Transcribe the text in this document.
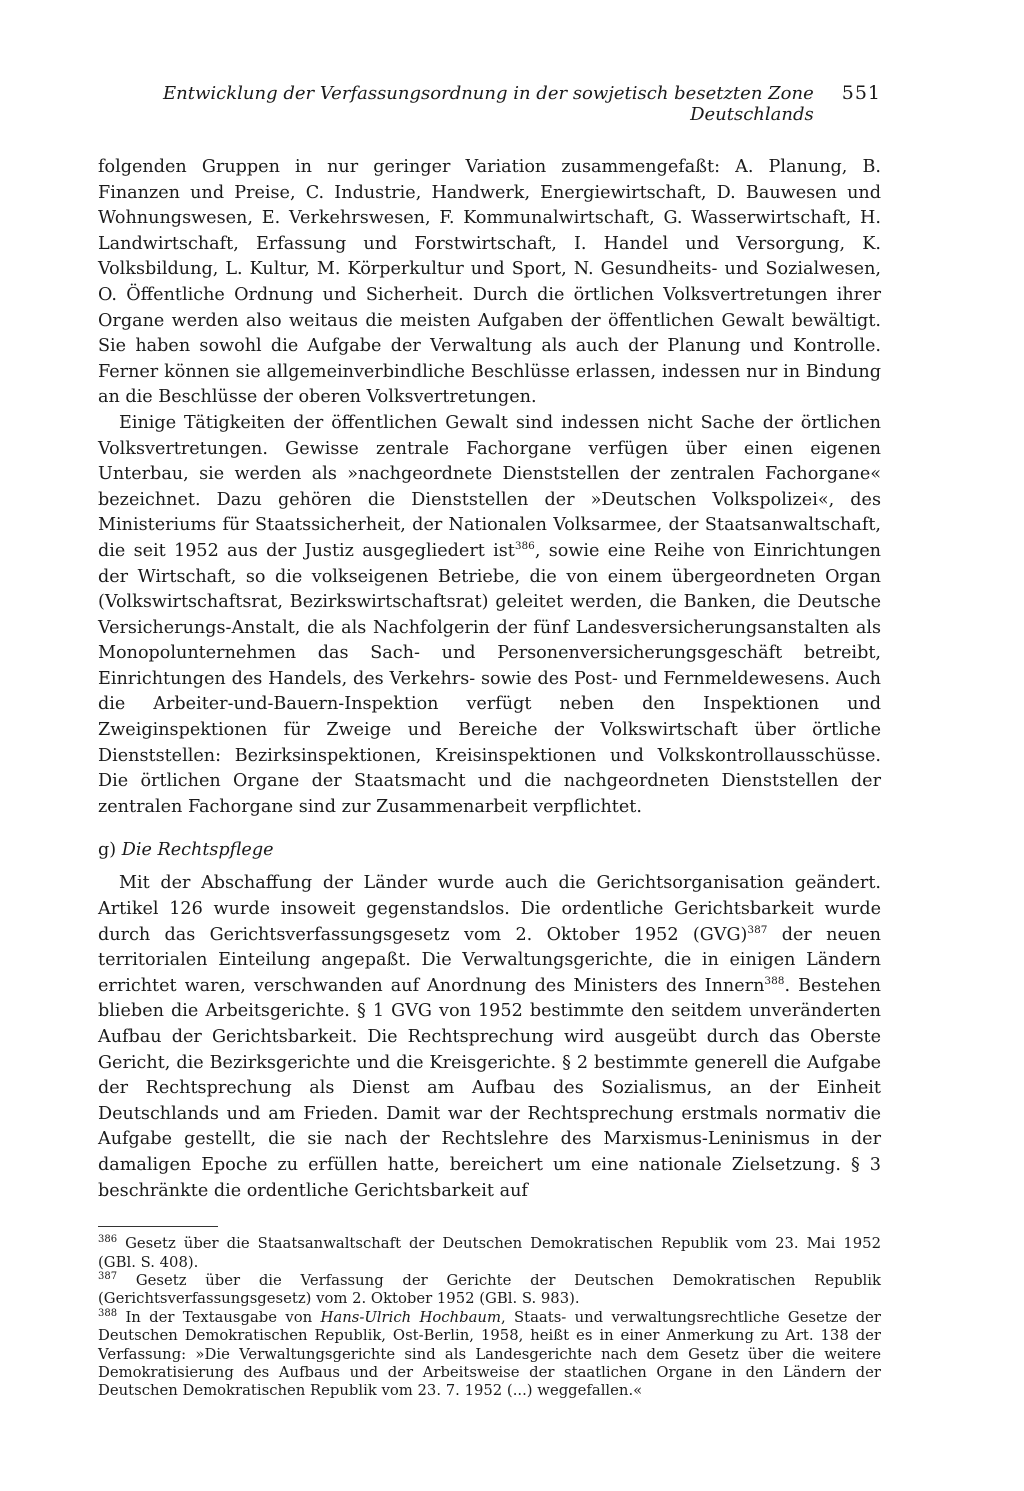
Entwicklung der Verfassungsordnung in der sowjetisch besetzten Zone Deutschlands
551

folgenden Gruppen in nur geringer Variation zusammengefaßt: A. Planung, B. Finanzen und Preise, C. Industrie, Handwerk, Energiewirtschaft, D. Bauwesen und Wohnungswesen, E. Verkehrswesen, F. Kommunalwirtschaft, G. Wasserwirtschaft, H. Landwirtschaft, Erfassung und Forstwirtschaft, I. Handel und Versorgung, K. Volksbildung, L. Kultur, M. Körperkultur und Sport, N. Gesundheits- und Sozialwesen, O. Öffentliche Ordnung und Sicherheit. Durch die örtlichen Volksvertretungen ihrer Organe werden also weitaus die meisten Aufgaben der öffentlichen Gewalt bewältigt. Sie haben sowohl die Aufgabe der Verwaltung als auch der Planung und Kontrolle. Ferner können sie allgemeinverbindliche Beschlüsse erlassen, indessen nur in Bindung an die Beschlüsse der oberen Volksvertretungen.

Einige Tätigkeiten der öffentlichen Gewalt sind indessen nicht Sache der örtlichen Volksvertretungen. Gewisse zentrale Fachorgane verfügen über einen eigenen Unterbau, sie werden als »nachgeordnete Dienststellen der zentralen Fachorgane« bezeichnet. Dazu gehören die Dienststellen der »Deutschen Volkspolizei«, des Ministeriums für Staatssicherheit, der Nationalen Volksarmee, der Staatsanwaltschaft, die seit 1952 aus der Justiz ausgegliedert ist$^{386}$, sowie eine Reihe von Einrichtungen der Wirtschaft, so die volkseigenen Betriebe, die von einem übergeordneten Organ (Volkswirtschaftsrat, Bezirkswirtschaftsrat) geleitet werden, die Banken, die Deutsche Versicherungs-Anstalt, die als Nachfolgerin der fünf Landesversicherungsanstalten als Monopolunternehmen das Sach- und Personenversicherungsgeschäft betreibt, Einrichtungen des Handels, des Verkehrs- sowie des Post- und Fernmeldewesens. Auch die Arbeiter-und-Bauern-Inspektion verfügt neben den Inspektionen und Zweiginspektionen für Zweige und Bereiche der Volkswirtschaft über örtliche Dienststellen: Bezirksinspektionen, Kreisinspektionen und Volkskontrollausschüsse. Die örtlichen Organe der Staatsmacht und die nachgeordneten Dienststellen der zentralen Fachorgane sind zur Zusammenarbeit verpflichtet.

g) Die Rechtspflege

Mit der Abschaffung der Länder wurde auch die Gerichtsorganisation geändert. Artikel 126 wurde insoweit gegenstandslos. Die ordentliche Gerichtsbarkeit wurde durch das Gerichtsverfassungsgesetz vom 2. Oktober 1952 (GVG)$^{387}$ der neuen territorialen Einteilung angepaßt. Die Verwaltungsgerichte, die in einigen Ländern errichtet waren, verschwanden auf Anordnung des Ministers des Innern$^{388}$. Bestehen blieben die Arbeitsgerichte. § 1 GVG von 1952 bestimmte den seitdem unveränderten Aufbau der Gerichtsbarkeit. Die Rechtsprechung wird ausgeübt durch das Oberste Gericht, die Bezirksgerichte und die Kreisgerichte. § 2 bestimmte generell die Aufgabe der Rechtsprechung als Dienst am Aufbau des Sozialismus, an der Einheit Deutschlands und am Frieden. Damit war der Rechtsprechung erstmals normativ die Aufgabe gestellt, die sie nach der Rechtslehre des Marxismus-Leninismus in der damaligen Epoche zu erfüllen hatte, bereichert um eine nationale Zielsetzung. § 3 beschränkte die ordentliche Gerichtsbarkeit auf

$^{386}$ Gesetz über die Staatsanwaltschaft der Deutschen Demokratischen Republik vom 23. Mai 1952 (GBl. S. 408).

$^{387}$ Gesetz über die Verfassung der Gerichte der Deutschen Demokratischen Republik (Gerichtsverfassungsgesetz) vom 2. Oktober 1952 (GBl. S. 983).

$^{388}$ In der Textausgabe von Hans-Ulrich Hochbaum, Staats- und verwaltungsrechtliche Gesetze der Deutschen Demokratischen Republik, Ost-Berlin, 1958, heißt es in einer Anmerkung zu Art. 138 der Verfassung: »Die Verwaltungsgerichte sind als Landesgerichte nach dem Gesetz über die weitere Demokratisierung des Aufbaus und der Arbeitsweise der staatlichen Organe in den Ländern der Deutschen Demokratischen Republik vom 23. 7. 1952 (...) weggefallen.«
